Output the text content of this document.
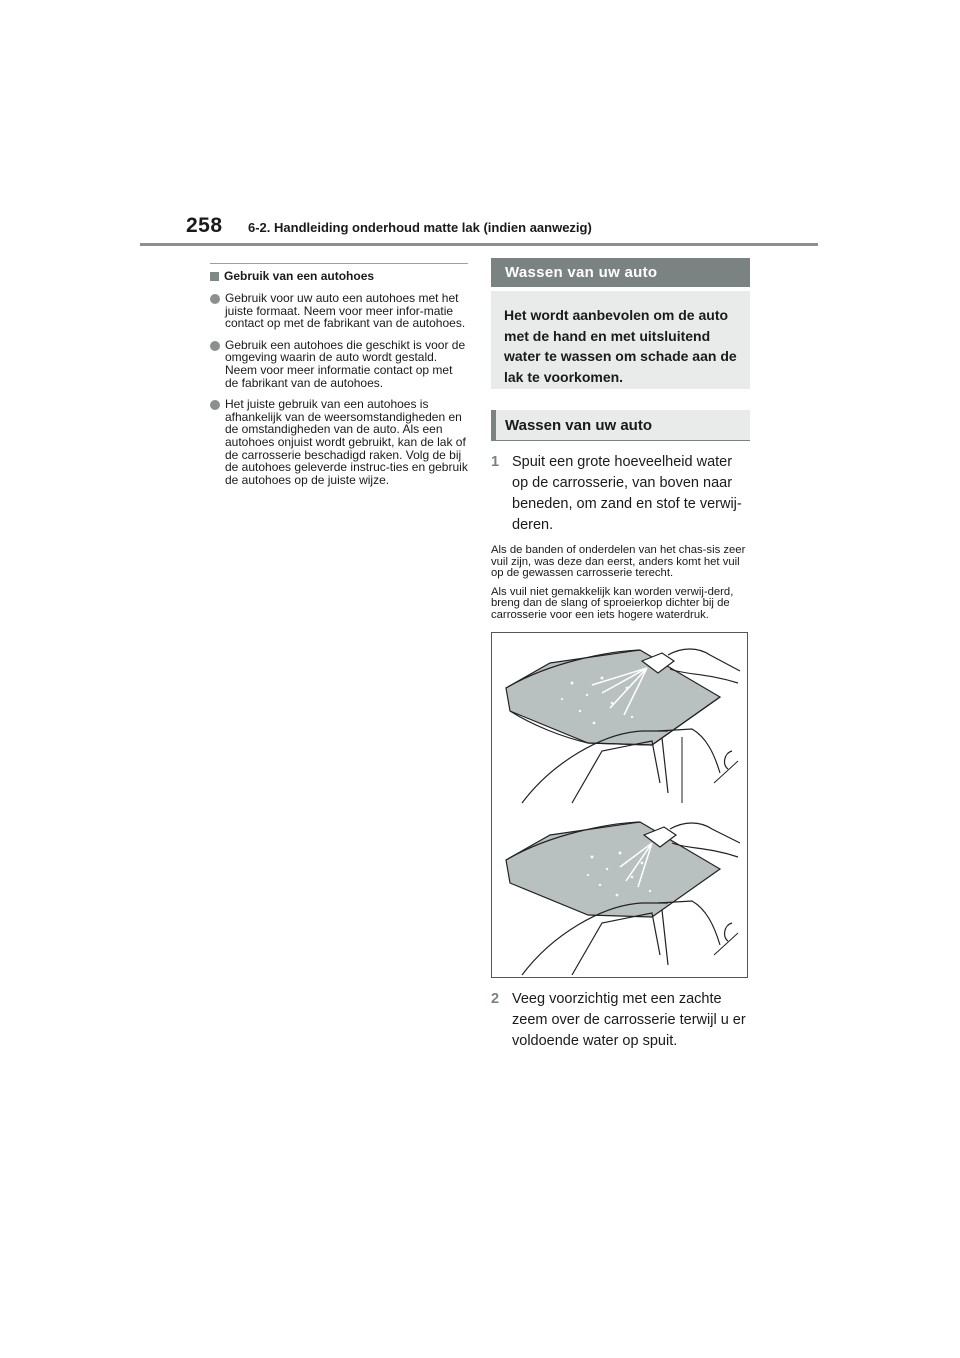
258 6-2. Handleiding onderhoud matte lak (indien aanwezig)
Gebruik van een autohoes
Gebruik voor uw auto een autohoes met het juiste formaat. Neem voor meer infor-matie contact op met de fabrikant van de autohoes.
Gebruik een autohoes die geschikt is voor de omgeving waarin de auto wordt gestald. Neem voor meer informatie contact op met de fabrikant van de autohoes.
Het juiste gebruik van een autohoes is afhankelijk van de weersomstandigheden en de omstandigheden van de auto. Als een autohoes onjuist wordt gebruikt, kan de lak of de carrosserie beschadigd raken. Volg de bij de autohoes geleverde instruc-ties en gebruik de autohoes op de juiste wijze.
Wassen van uw auto
Het wordt aanbevolen om de auto met de hand en met uitsluitend water te wassen om schade aan de lak te voorkomen.
Wassen van uw auto
1 Spuit een grote hoeveelheid water op de carrosserie, van boven naar beneden, om zand en stof te verwij-deren.
Als de banden of onderdelen van het chas-sis zeer vuil zijn, was deze dan eerst, anders komt het vuil op de gewassen carrosserie terecht.
Als vuil niet gemakkelijk kan worden verwij-derd, breng dan de slang of sproeierkop dichter bij de carrosserie voor een iets hogere waterdruk.
2 Veeg voorzichtig met een zachte zeem over de carrosserie terwijl u er voldoende water op spuit.
